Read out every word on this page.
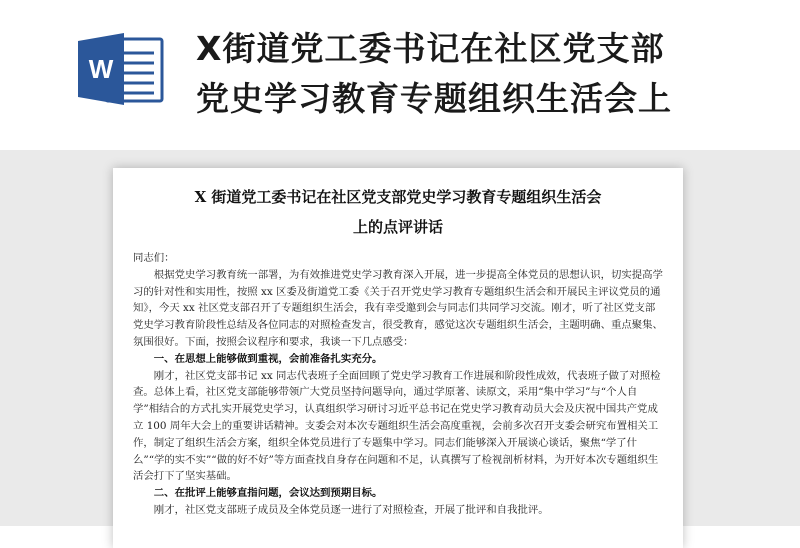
W
X街道党工委书记在社区党支部
党史学习教育专题组织生活会上
X 街道党工委书记在社区党支部党史学习教育专题组织生活会
上的点评讲话

同志们：

根据党史学习教育统一部署，为有效推进党史学习教育深入开展，进一步提高全体党员的思想认识，切实提高学习的针对性和实用性，按照 xx 区委及街道党工委《关于召开党史学习教育专题组织生活会和开展民主评议党员的通知》，今天 xx 社区党支部召开了专题组织生活会，我有幸受邀到会与同志们共同学习交流。刚才，听了社区党支部党史学习教育阶段性总结及各位同志的对照检查发言，很受教育，感觉这次专题组织生活会，主题明确、重点聚集、氛围很好。下面，按照会议程序和要求，我谈一下几点感受：

一、在思想上能够做到重视，会前准备扎实充分。

刚才，社区党支部书记 xx 同志代表班子全面回顾了党史学习教育工作进展和阶段性成效，代表班子做了对照检查。总体上看，社区党支部能够带领广大党员坚持问题导向，通过学原著、读原文，采用“集中学习”与“个人自学”相结合的方式扎实开展党史学习，认真组织学习研讨习近平总书记在党史学习教育动员大会及庆祝中国共产党成立 100 周年大会上的重要讲话精神。支委会对本次专题组织生活会高度重视，会前多次召开支委会研究布置相关工作，制定了组织生活会方案，组织全体党员进行了专题集中学习。同志们能够深入开展谈心谈话，聚焦“学了什么”“学的实不实”“做的好不好”等方面查找自身存在问题和不足，认真撰写了检视剖析材料，为开好本次专题组织生活会打下了坚实基础。

二、在批评上能够直指问题，会议达到预期目标。

刚才，社区党支部班子成员及全体党员逐一进行了对照检查，开展了批评和自我批评。
